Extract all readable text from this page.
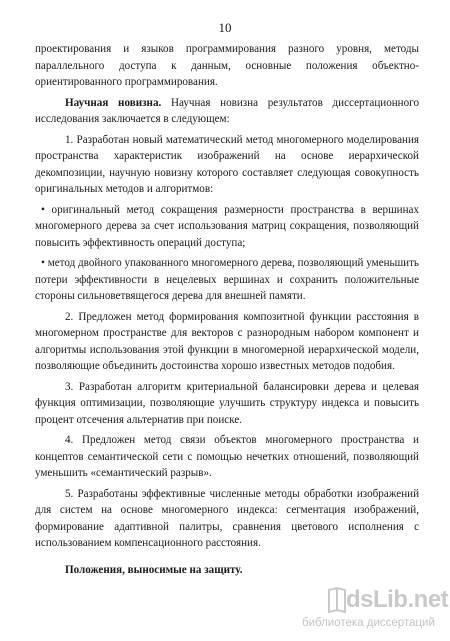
10

проектирования и языков программирования разного уровня, методы параллельного доступа к данным, основные положения объектно-ориентированного программирования.

Научная новизна. Научная новизна результатов диссертационного исследования заключается в следующем:

1. Разработан новый математический метод многомерного моделирования пространства характеристик изображений на основе иерархической декомпозиции, научную новизну которого составляет следующая совокупность оригинальных методов и алгоритмов:

• оригинальный метод сокращения размерности пространства в вершинах многомерного дерева за счет использования матриц сокращения, позволяющий повысить эффективность операций доступа;

• метод двойного упакованного многомерного дерева, позволяющий уменьшить потери эффективности в нецелевых вершинах и сохранить положительные стороны сильноветвящегося дерева для внешней памяти.

2. Предложен метод формирования композитной функции расстояния в многомерном пространстве для векторов с разнородным набором компонент и алгоритмы использования этой функции в многомерной иерархической модели, позволяющие объединить достоинства хорошо известных методов подобия.

3. Разработан алгоритм критериальной балансировки дерева и целевая функция оптимизации, позволяющие улучшить структуру индекса и повысить процент отсечения альтернатив при поиске.

4. Предложен метод связи объектов многомерного пространства и концептов семантической сети с помощью нечетких отношений, позволяющий уменьшить «семантический разрыв».

5. Разработаны эффективные численные методы обработки изображений для систем на основе многомерного индекса: сегментация изображений, формирование адаптивной палитры, сравнения цветового исполнения с использованием компенсационного расстояния.

Положения, выносимые на защиту.

dsLib.net
библиотека диссертаций
